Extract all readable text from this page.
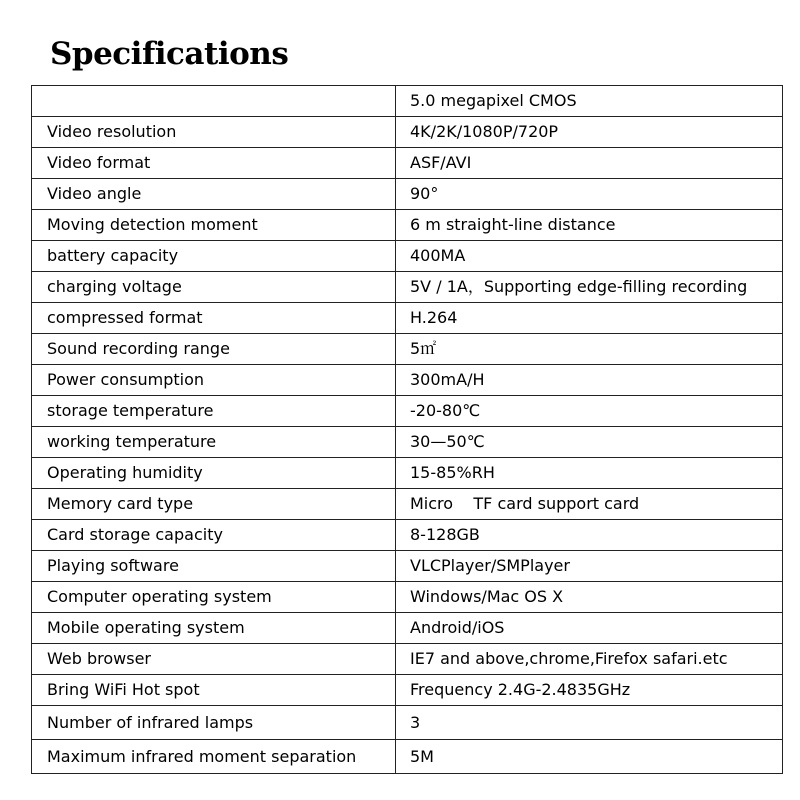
Specifications
	5.0 megapixel CMOS
Video resolution	4K/2K/1080P/720P
Video format	ASF/AVI
Video angle	90°
Moving detection moment	6 m straight-line distance
battery capacity	400MA
charging voltage	5V / 1A，Supporting edge-filling recording
compressed format	H.264
Sound recording range	5㎡
Power consumption	300mA/H
storage temperature	-20-80℃
working temperature	30—50℃
Operating humidity	15-85%RH
Memory card type	Micro    TF card support card
Card storage capacity	8-128GB
Playing software	VLCPlayer/SMPlayer
Computer operating system	Windows/Mac OS X
Mobile operating system	Android/iOS
Web browser	IE7 and above,chrome,Firefox safari.etc
Bring WiFi Hot spot	Frequency 2.4G-2.4835GHz
Number of infrared lamps	3
Maximum infrared moment separation	5M
